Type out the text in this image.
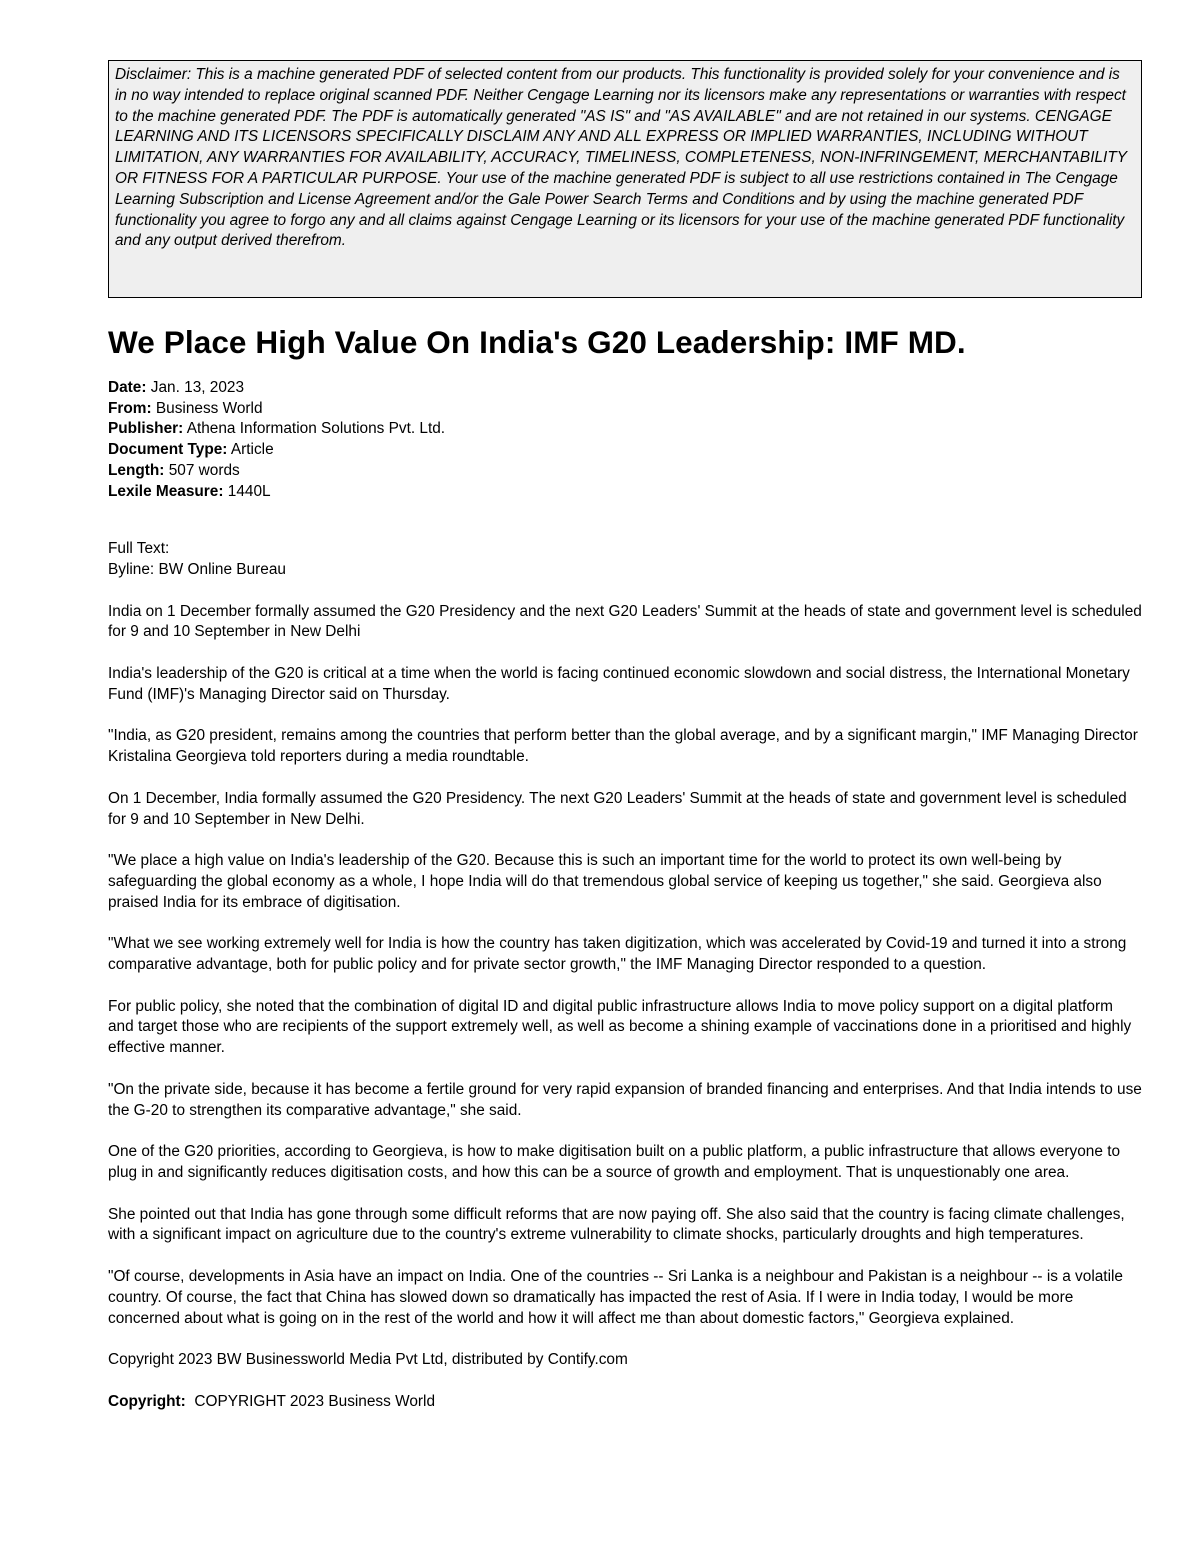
Disclaimer: This is a machine generated PDF of selected content from our products. This functionality is provided solely for your convenience and is in no way intended to replace original scanned PDF. Neither Cengage Learning nor its licensors make any representations or warranties with respect to the machine generated PDF. The PDF is automatically generated "AS IS" and "AS AVAILABLE" and are not retained in our systems. CENGAGE LEARNING AND ITS LICENSORS SPECIFICALLY DISCLAIM ANY AND ALL EXPRESS OR IMPLIED WARRANTIES, INCLUDING WITHOUT LIMITATION, ANY WARRANTIES FOR AVAILABILITY, ACCURACY, TIMELINESS, COMPLETENESS, NON-INFRINGEMENT, MERCHANTABILITY OR FITNESS FOR A PARTICULAR PURPOSE. Your use of the machine generated PDF is subject to all use restrictions contained in The Cengage Learning Subscription and License Agreement and/or the Gale Power Search Terms and Conditions and by using the machine generated PDF functionality you agree to forgo any and all claims against Cengage Learning or its licensors for your use of the machine generated PDF functionality and any output derived therefrom.
We Place High Value On India's G20 Leadership: IMF MD.
Date: Jan. 13, 2023
From: Business World
Publisher: Athena Information Solutions Pvt. Ltd.
Document Type: Article
Length: 507 words
Lexile Measure: 1440L
Full Text:
Byline: BW Online Bureau

India on 1 December formally assumed the G20 Presidency and the next G20 Leaders' Summit at the heads of state and government level is scheduled for 9 and 10 September in New Delhi

India's leadership of the G20 is critical at a time when the world is facing continued economic slowdown and social distress, the International Monetary Fund (IMF)'s Managing Director said on Thursday.

"India, as G20 president, remains among the countries that perform better than the global average, and by a significant margin," IMF Managing Director Kristalina Georgieva told reporters during a media roundtable.

On 1 December, India formally assumed the G20 Presidency. The next G20 Leaders' Summit at the heads of state and government level is scheduled for 9 and 10 September in New Delhi.

"We place a high value on India's leadership of the G20. Because this is such an important time for the world to protect its own well-being by safeguarding the global economy as a whole, I hope India will do that tremendous global service of keeping us together," she said. Georgieva also praised India for its embrace of digitisation.

"What we see working extremely well for India is how the country has taken digitization, which was accelerated by Covid-19 and turned it into a strong comparative advantage, both for public policy and for private sector growth," the IMF Managing Director responded to a question.

For public policy, she noted that the combination of digital ID and digital public infrastructure allows India to move policy support on a digital platform and target those who are recipients of the support extremely well, as well as become a shining example of vaccinations done in a prioritised and highly effective manner.

"On the private side, because it has become a fertile ground for very rapid expansion of branded financing and enterprises. And that India intends to use the G-20 to strengthen its comparative advantage," she said.

One of the G20 priorities, according to Georgieva, is how to make digitisation built on a public platform, a public infrastructure that allows everyone to plug in and significantly reduces digitisation costs, and how this can be a source of growth and employment. That is unquestionably one area.

She pointed out that India has gone through some difficult reforms that are now paying off. She also said that the country is facing climate challenges, with a significant impact on agriculture due to the country's extreme vulnerability to climate shocks, particularly droughts and high temperatures.

"Of course, developments in Asia have an impact on India. One of the countries -- Sri Lanka is a neighbour and Pakistan is a neighbour -- is a volatile country. Of course, the fact that China has slowed down so dramatically has impacted the rest of Asia. If I were in India today, I would be more concerned about what is going on in the rest of the world and how it will affect me than about domestic factors," Georgieva explained.

Copyright 2023 BW Businessworld Media Pvt Ltd, distributed by Contify.com

Copyright: COPYRIGHT 2023 Business World
